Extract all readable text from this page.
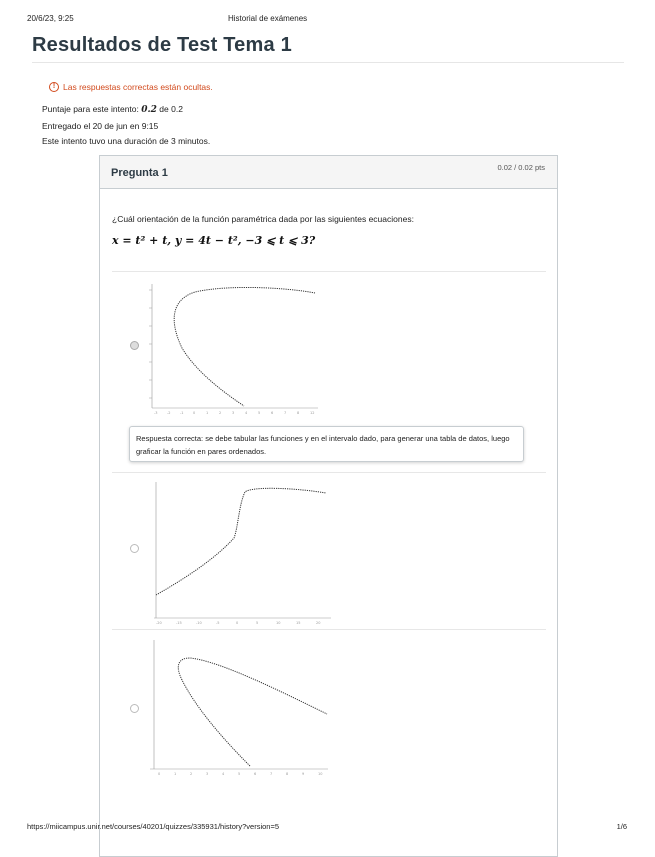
20/6/23, 9:25	Historial de exámenes
Resultados de Test Tema 1
! Las respuestas correctas están ocultas.
Puntaje para este intento: 0.2 de 0.2
Entregado el 20 de jun en 9:15
Este intento tuvo una duración de 3 minutos.
Pregunta 1	0.02 / 0.02 pts
¿Cuál orientación de la función paramétrica dada por las siguientes ecuaciones:
x = t² + t, y = 4t − t², −3 ⩽ t ⩽ 3?
-3	-2	-1	0	1	2	3	4	5	6	7	8	12
Respuesta correcta: se debe tabular las funciones y en el intervalo dado, para generar una tabla de datos, luego graficar la función en pares ordenados.
-20	-15	-10	-5	0	5	10	15	20
0	1	2	3	4	5	6	7	8	9	10
https://miicampus.unir.net/courses/40201/quizzes/335931/history?version=5	1/6
